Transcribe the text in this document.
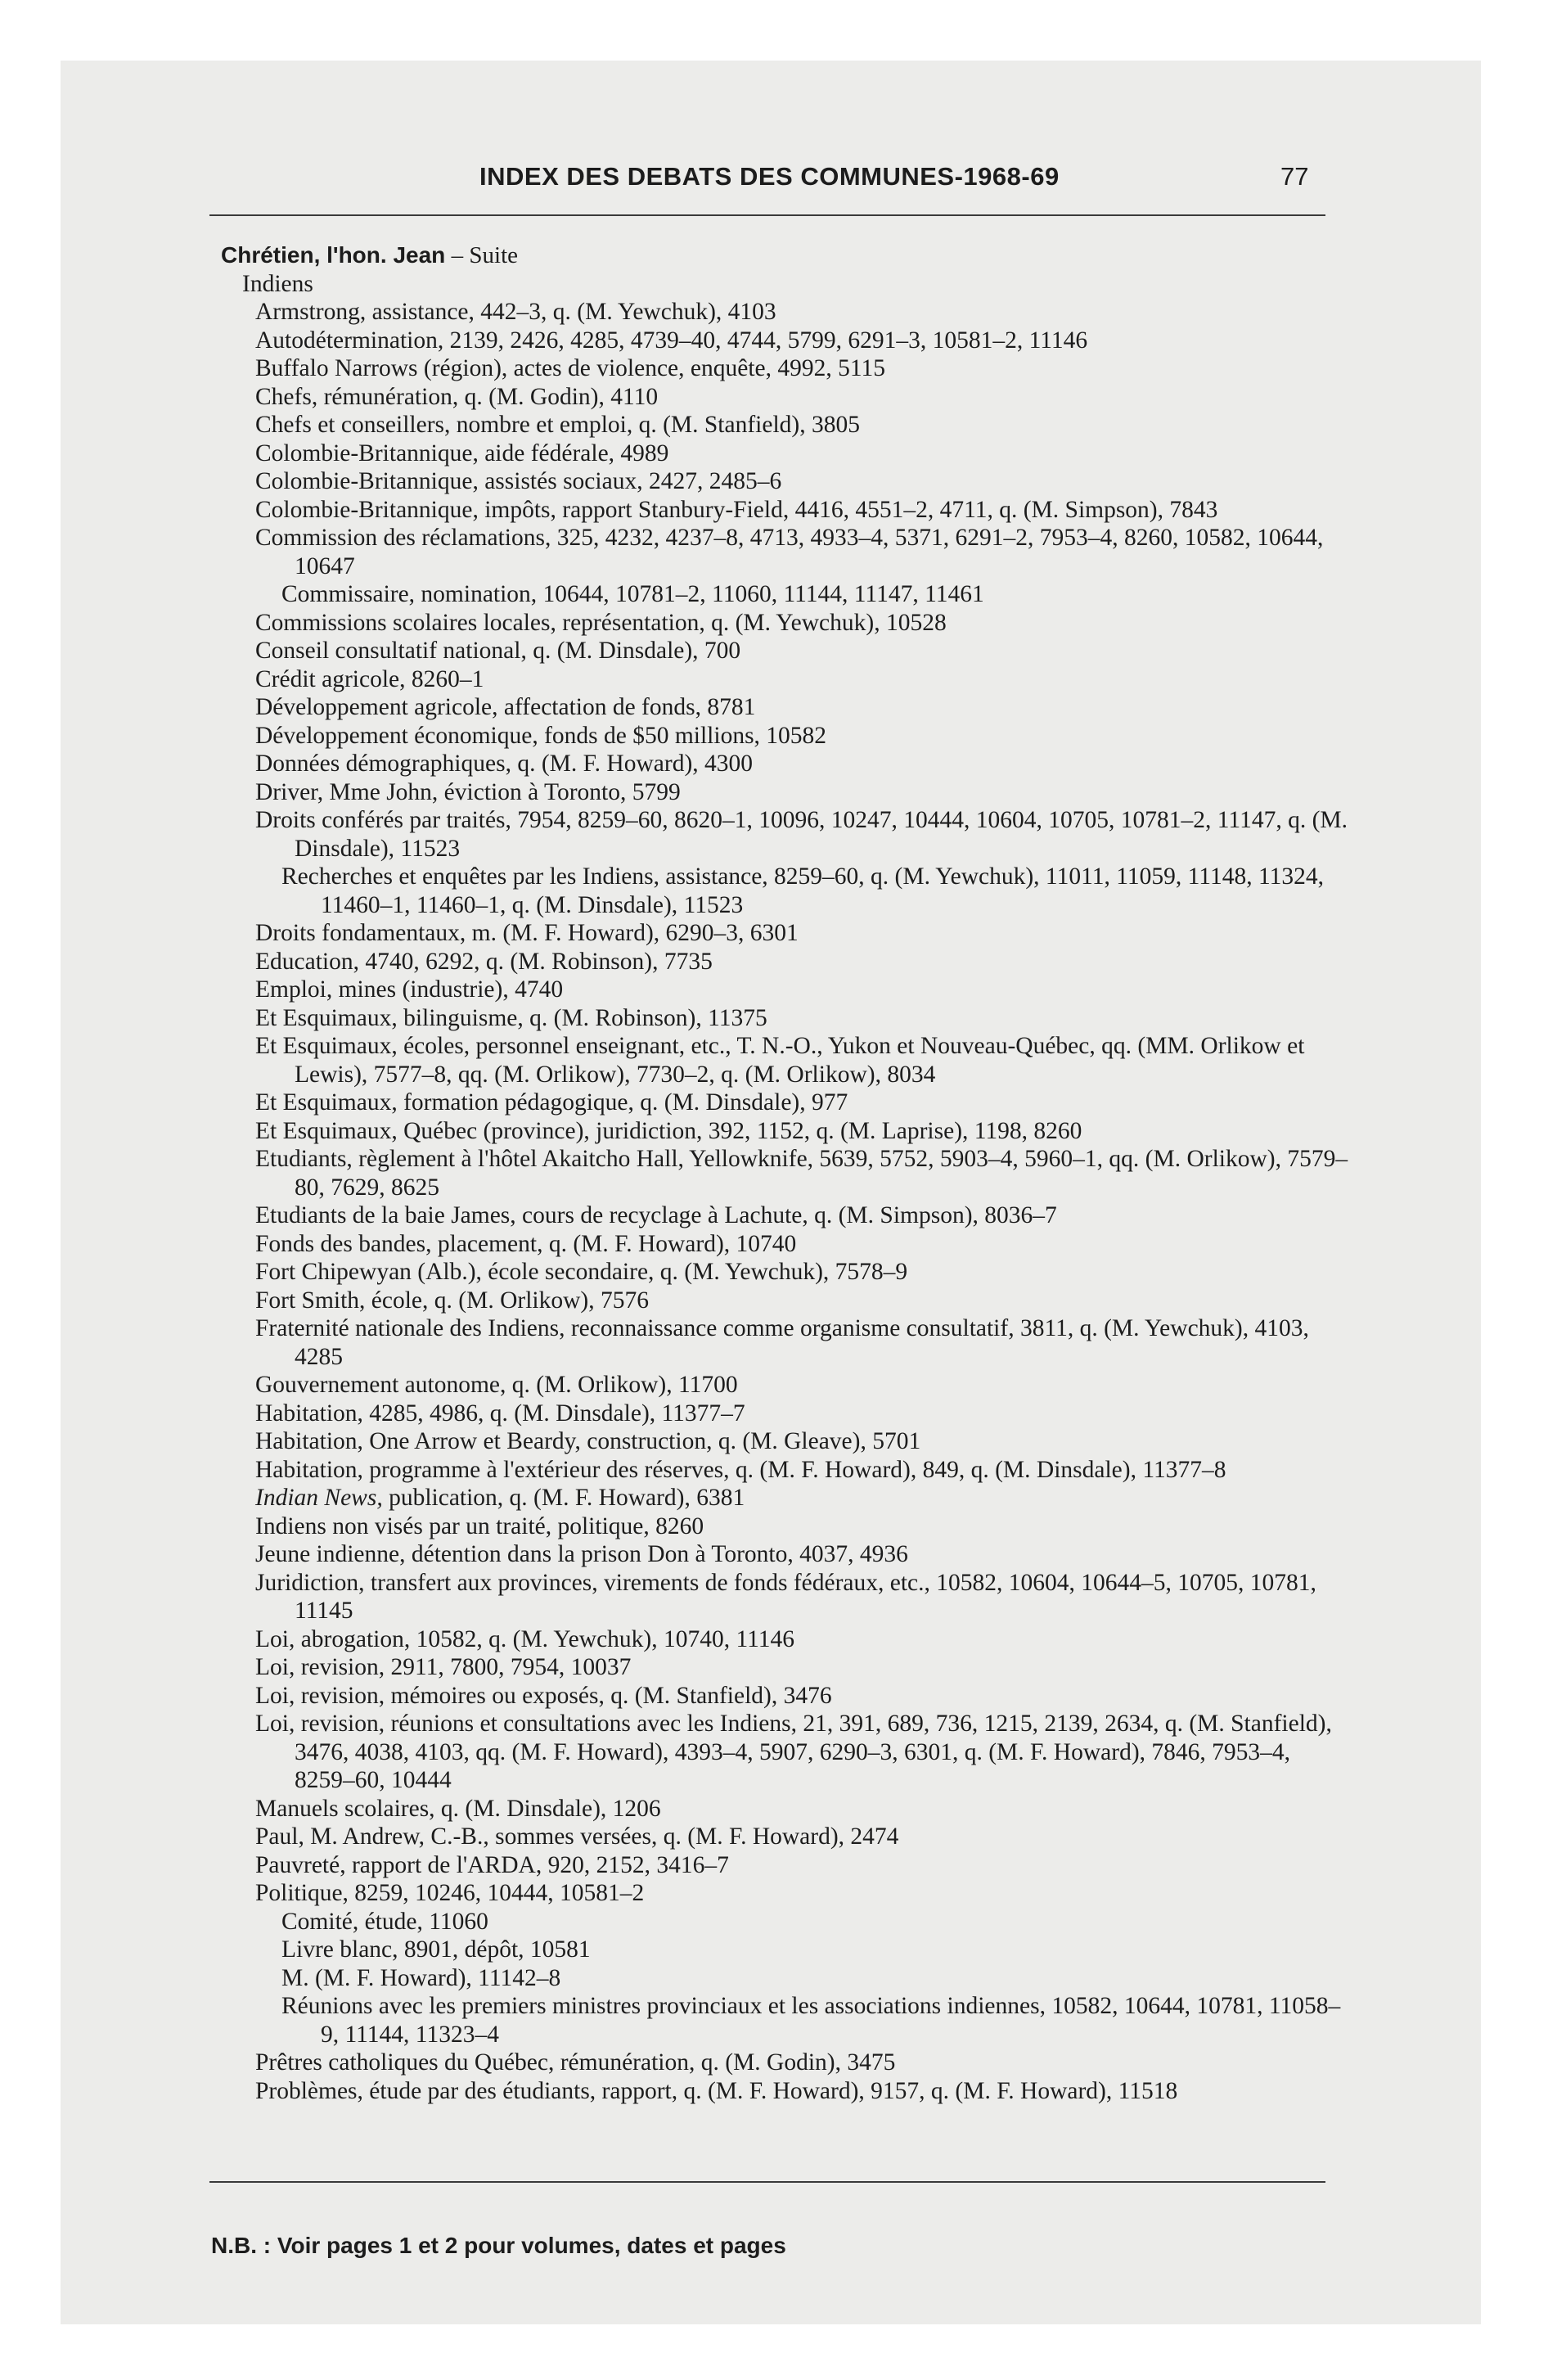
INDEX DES DEBATS DES COMMUNES-1968-69	77
Chrétien, l'hon. Jean – Suite
Indiens
Armstrong, assistance, 442–3, q. (M. Yewchuk), 4103
Autodétermination, 2139, 2426, 4285, 4739–40, 4744, 5799, 6291–3, 10581–2, 11146
Buffalo Narrows (région), actes de violence, enquête, 4992, 5115
Chefs, rémunération, q. (M. Godin), 4110
Chefs et conseillers, nombre et emploi, q. (M. Stanfield), 3805
Colombie-Britannique, aide fédérale, 4989
Colombie-Britannique, assistés sociaux, 2427, 2485–6
Colombie-Britannique, impôts, rapport Stanbury-Field, 4416, 4551–2, 4711, q. (M. Simpson), 7843
Commission des réclamations, 325, 4232, 4237–8, 4713, 4933–4, 5371, 6291–2, 7953–4, 8260, 10582, 10644, 10647
Commissaire, nomination, 10644, 10781–2, 11060, 11144, 11147, 11461
Commissions scolaires locales, représentation, q. (M. Yewchuk), 10528
Conseil consultatif national, q. (M. Dinsdale), 700
Crédit agricole, 8260–1
Développement agricole, affectation de fonds, 8781
Développement économique, fonds de $50 millions, 10582
Données démographiques, q. (M. F. Howard), 4300
Driver, Mme John, éviction à Toronto, 5799
Droits conférés par traités, 7954, 8259–60, 8620–1, 10096, 10247, 10444, 10604, 10705, 10781–2, 11147, q. (M. Dinsdale), 11523
Recherches et enquêtes par les Indiens, assistance, 8259–60, q. (M. Yewchuk), 11011, 11059, 11148, 11324, 11460–1, 11460–1, q. (M. Dinsdale), 11523
Droits fondamentaux, m. (M. F. Howard), 6290–3, 6301
Education, 4740, 6292, q. (M. Robinson), 7735
Emploi, mines (industrie), 4740
Et Esquimaux, bilinguisme, q. (M. Robinson), 11375
Et Esquimaux, écoles, personnel enseignant, etc., T. N.-O., Yukon et Nouveau-Québec, qq. (MM. Orlikow et Lewis), 7577–8, qq. (M. Orlikow), 7730–2, q. (M. Orlikow), 8034
Et Esquimaux, formation pédagogique, q. (M. Dinsdale), 977
Et Esquimaux, Québec (province), juridiction, 392, 1152, q. (M. Laprise), 1198, 8260
Etudiants, règlement à l'hôtel Akaitcho Hall, Yellowknife, 5639, 5752, 5903–4, 5960–1, qq. (M. Orlikow), 7579–80, 7629, 8625
Etudiants de la baie James, cours de recyclage à Lachute, q. (M. Simpson), 8036–7
Fonds des bandes, placement, q. (M. F. Howard), 10740
Fort Chipewyan (Alb.), école secondaire, q. (M. Yewchuk), 7578–9
Fort Smith, école, q. (M. Orlikow), 7576
Fraternité nationale des Indiens, reconnaissance comme organisme consultatif, 3811, q. (M. Yewchuk), 4103, 4285
Gouvernement autonome, q. (M. Orlikow), 11700
Habitation, 4285, 4986, q. (M. Dinsdale), 11377–7
Habitation, One Arrow et Beardy, construction, q. (M. Gleave), 5701
Habitation, programme à l'extérieur des réserves, q. (M. F. Howard), 849, q. (M. Dinsdale), 11377–8
Indian News, publication, q. (M. F. Howard), 6381
Indiens non visés par un traité, politique, 8260
Jeune indienne, détention dans la prison Don à Toronto, 4037, 4936
Juridiction, transfert aux provinces, virements de fonds fédéraux, etc., 10582, 10604, 10644–5, 10705, 10781, 11145
Loi, abrogation, 10582, q. (M. Yewchuk), 10740, 11146
Loi, revision, 2911, 7800, 7954, 10037
Loi, revision, mémoires ou exposés, q. (M. Stanfield), 3476
Loi, revision, réunions et consultations avec les Indiens, 21, 391, 689, 736, 1215, 2139, 2634, q. (M. Stanfield), 3476, 4038, 4103, qq. (M. F. Howard), 4393–4, 5907, 6290–3, 6301, q. (M. F. Howard), 7846, 7953–4, 8259–60, 10444
Manuels scolaires, q. (M. Dinsdale), 1206
Paul, M. Andrew, C.-B., sommes versées, q. (M. F. Howard), 2474
Pauvreté, rapport de l'ARDA, 920, 2152, 3416–7
Politique, 8259, 10246, 10444, 10581–2
Comité, étude, 11060
Livre blanc, 8901, dépôt, 10581
M. (M. F. Howard), 11142–8
Réunions avec les premiers ministres provinciaux et les associations indiennes, 10582, 10644, 10781, 11058–9, 11144, 11323–4
Prêtres catholiques du Québec, rémunération, q. (M. Godin), 3475
Problèmes, étude par des étudiants, rapport, q. (M. F. Howard), 9157, q. (M. F. Howard), 11518
N.B. : Voir pages 1 et 2 pour volumes, dates et pages
